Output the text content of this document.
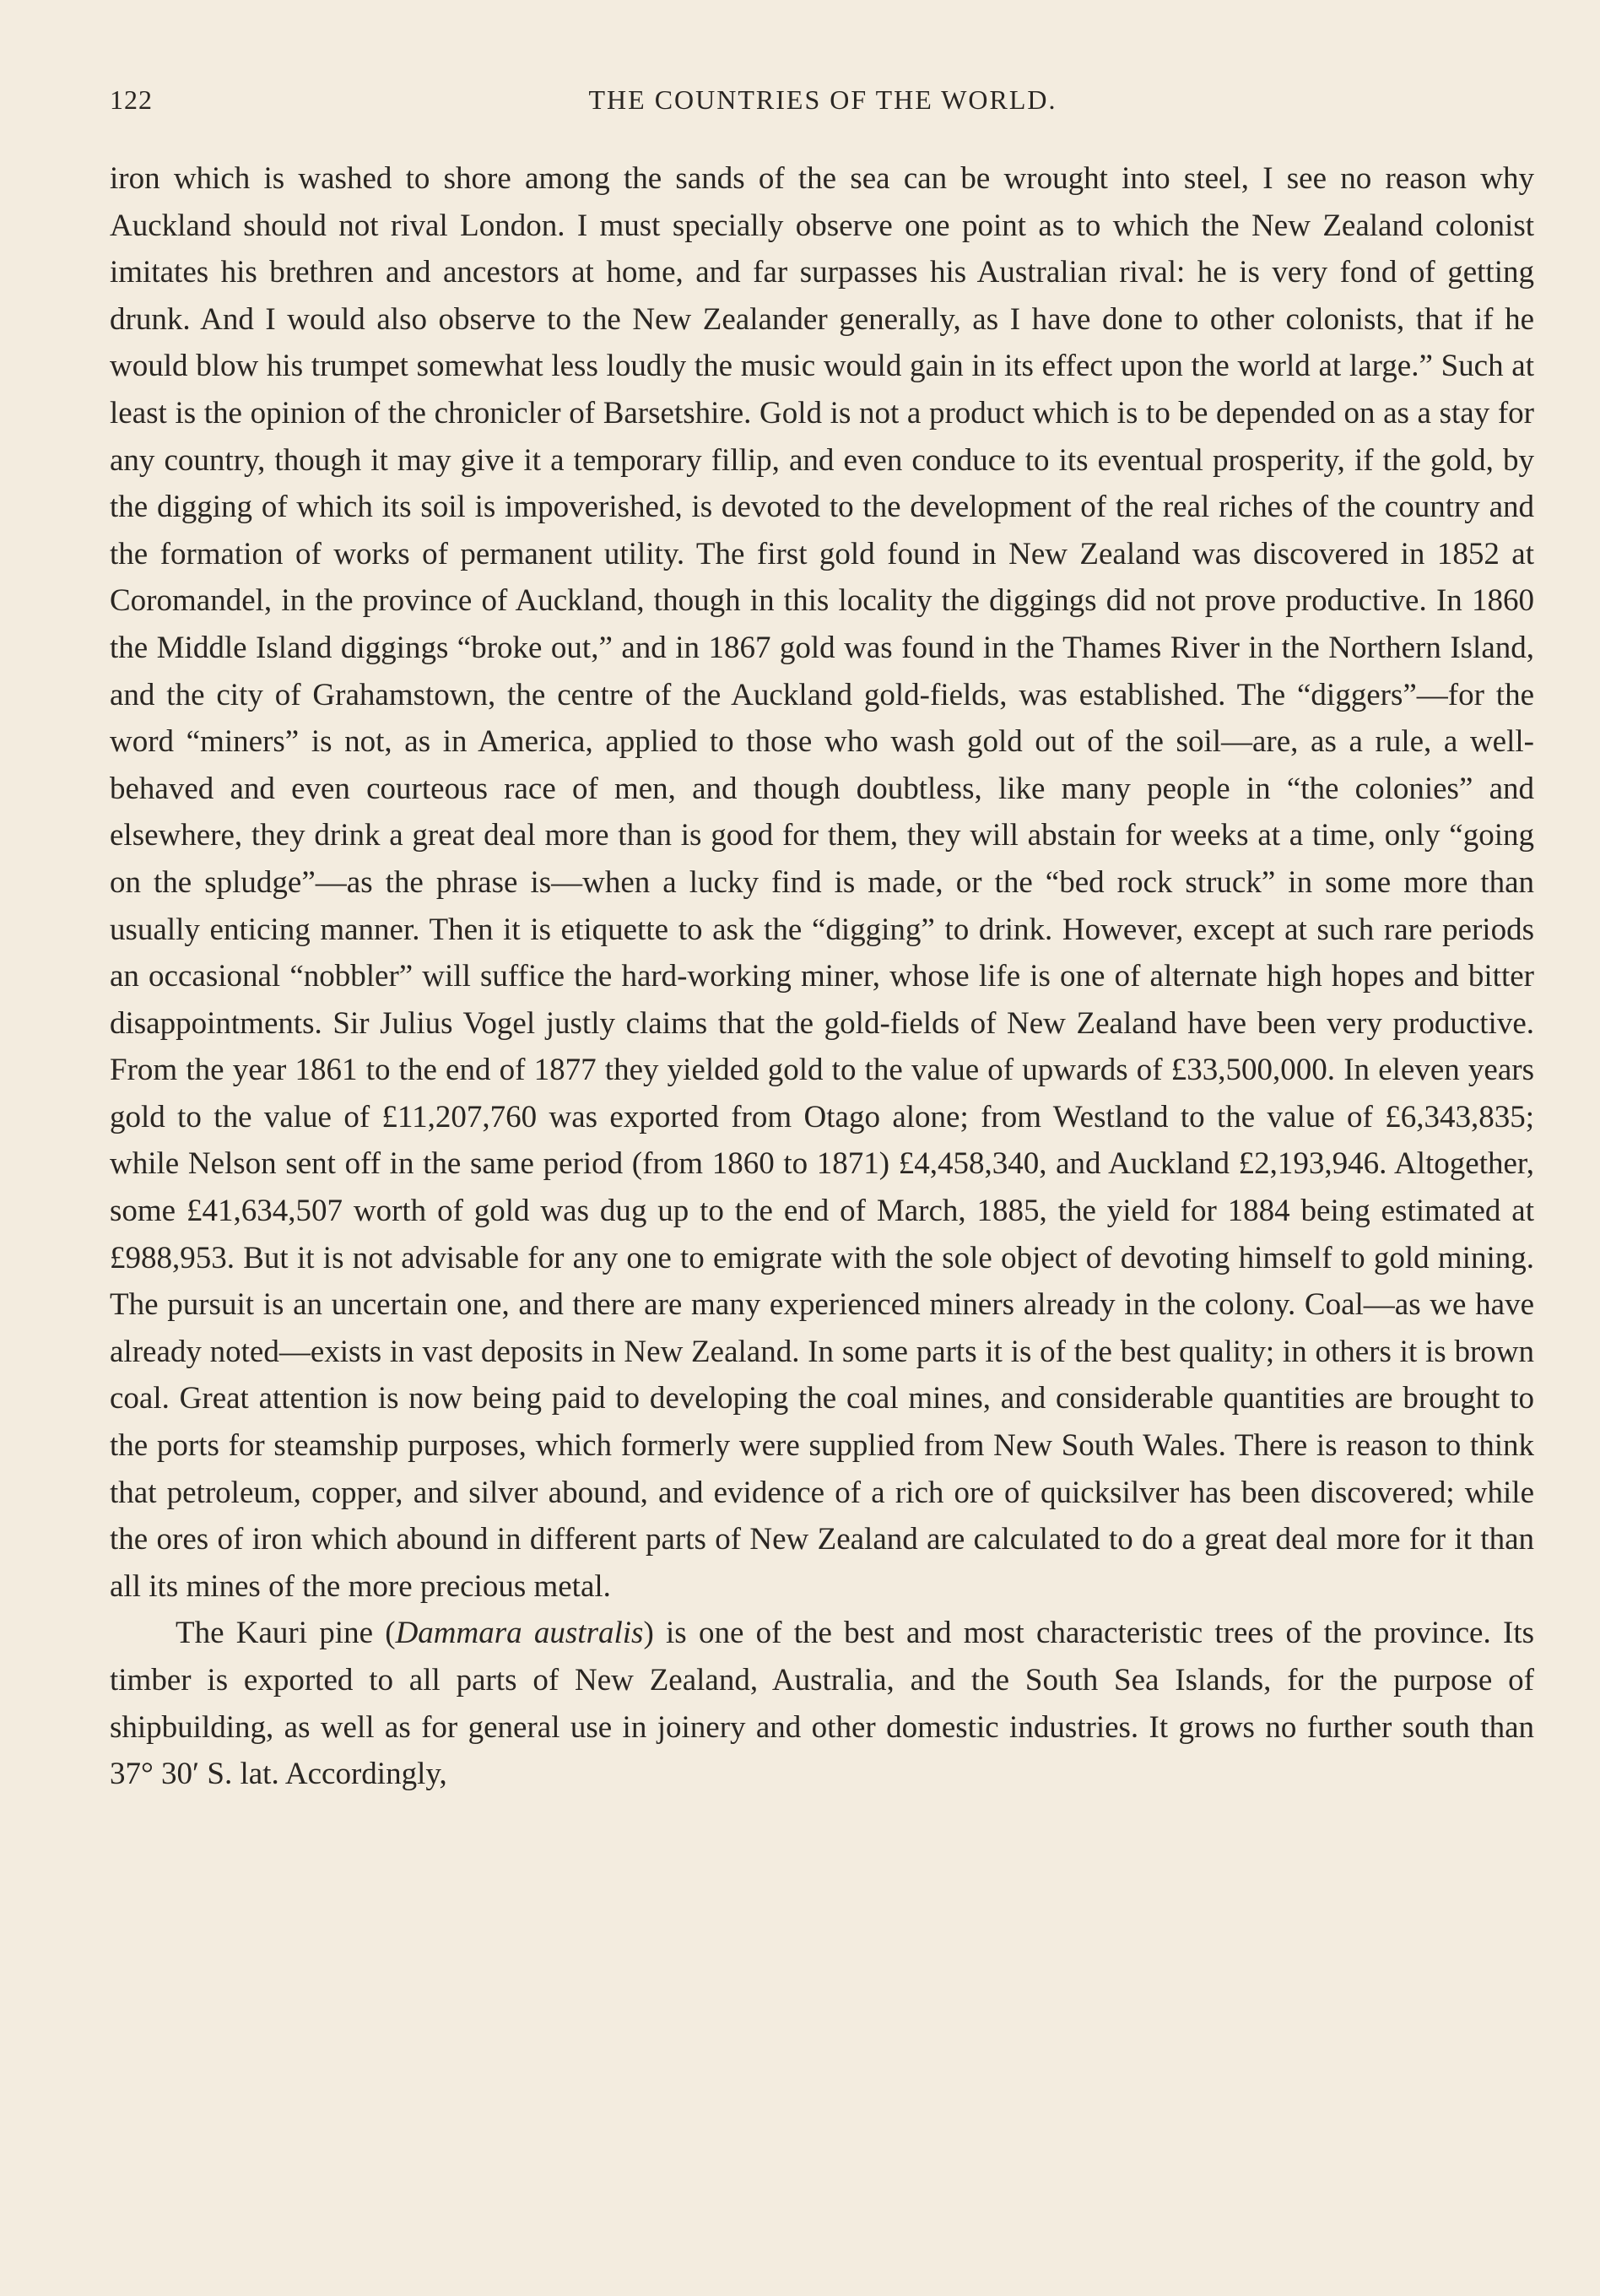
122	THE COUNTRIES OF THE WORLD.

iron which is washed to shore among the sands of the sea can be wrought into steel, I see no reason why Auckland should not rival London. I must specially observe one point as to which the New Zealand colonist imitates his brethren and ancestors at home, and far surpasses his Australian rival: he is very fond of getting drunk. And I would also observe to the New Zealander generally, as I have done to other colonists, that if he would blow his trumpet somewhat less loudly the music would gain in its effect upon the world at large.” Such at least is the opinion of the chronicler of Barsetshire. Gold is not a product which is to be depended on as a stay for any country, though it may give it a temporary fillip, and even conduce to its eventual prosperity, if the gold, by the digging of which its soil is impoverished, is devoted to the development of the real riches of the country and the formation of works of permanent utility. The first gold found in New Zealand was discovered in 1852 at Coromandel, in the province of Auckland, though in this locality the diggings did not prove productive. In 1860 the Middle Island diggings “broke out,” and in 1867 gold was found in the Thames River in the Northern Island, and the city of Grahamstown, the centre of the Auckland gold-fields, was established. The “diggers”—for the word “miners” is not, as in America, applied to those who wash gold out of the soil—are, as a rule, a well-behaved and even courteous race of men, and though doubtless, like many people in “the colonies” and elsewhere, they drink a great deal more than is good for them, they will abstain for weeks at a time, only “going on the spludge”—as the phrase is—when a lucky find is made, or the “bed rock struck” in some more than usually enticing manner. Then it is etiquette to ask the “digging” to drink. However, except at such rare periods an occasional “nobbler” will suffice the hard-working miner, whose life is one of alternate high hopes and bitter disappointments. Sir Julius Vogel justly claims that the gold-fields of New Zealand have been very productive. From the year 1861 to the end of 1877 they yielded gold to the value of upwards of £33,500,000. In eleven years gold to the value of £11,207,760 was exported from Otago alone; from Westland to the value of £6,343,835; while Nelson sent off in the same period (from 1860 to 1871) £4,458,340, and Auckland £2,193,946. Altogether, some £41,634,507 worth of gold was dug up to the end of March, 1885, the yield for 1884 being estimated at £988,953. But it is not advisable for any one to emigrate with the sole object of devoting himself to gold mining. The pursuit is an uncertain one, and there are many experienced miners already in the colony. Coal—as we have already noted—exists in vast deposits in New Zealand. In some parts it is of the best quality; in others it is brown coal. Great attention is now being paid to developing the coal mines, and considerable quantities are brought to the ports for steamship purposes, which formerly were supplied from New South Wales. There is reason to think that petroleum, copper, and silver abound, and evidence of a rich ore of quicksilver has been discovered; while the ores of iron which abound in different parts of New Zealand are calculated to do a great deal more for it than all its mines of the more precious metal.

The Kauri pine (Dammara australis) is one of the best and most characteristic trees of the province. Its timber is exported to all parts of New Zealand, Australia, and the South Sea Islands, for the purpose of shipbuilding, as well as for general use in joinery and other domestic industries. It grows no further south than 37° 30′ S. lat. Accordingly,
